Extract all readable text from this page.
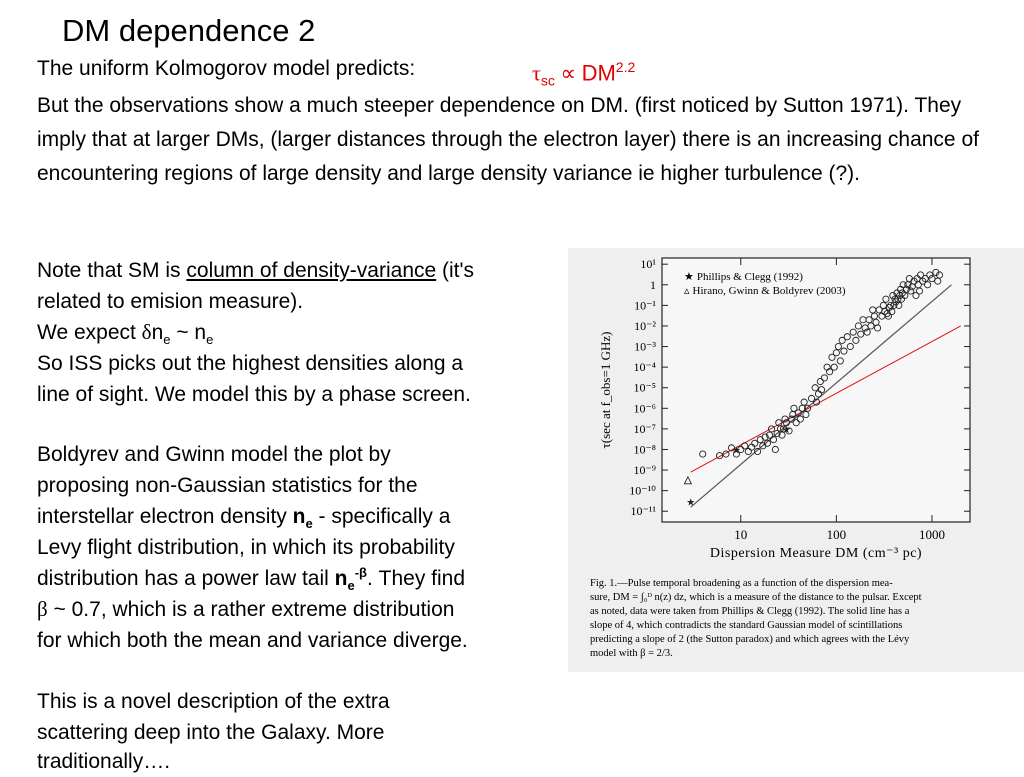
DM dependence 2
The uniform Kolmogorov model predicts:	$\tau_{sc} \propto DM^{2.2}$
But the observations show a much steeper dependence on DM. (first noticed by Sutton 1971). They imply that at larger DMs, (larger distances through the electron layer) there is an increasing chance of encountering regions of large density and large density variance ie higher turbulence (?).
Note that SM is column of density-variance (it's
related to emision measure).
We expect $\delta n_e$ ~ $n_e$
So ISS picks out the highest densities along a
line of sight. We model this by a phase screen.
Boldyrev and Gwinn model the plot by
proposing non-Gaussian statistics for the
interstellar electron density $n_e$ - specifically a
Levy flight distribution, in which its probability
distribution has a power law tail $n_e^{-\beta}$. They find
β ~ 0.7, which is a rather extreme distribution
for which both the mean and variance diverge.
This is a novel description of the extra
scattering deep into the Galaxy. More
traditionally….
10¹
1
10⁻¹
10⁻²
10⁻³
10⁻⁴
10⁻⁵
10⁻⁶
10⁻⁷
10⁻⁸
10⁻⁹
10⁻¹⁰
10⁻¹¹
10	100	1000
★
★
★
★ Phillips & Clegg (1992)
▵ Hirano, Gwinn & Boldyrev (2003)
Dispersion Measure DM (cm⁻³ pc)
τ(sec at f_obs=1 GHz)
Fig. 1.—Pulse temporal broadening as a function of the dispersion mea-
sure, DM = ∫₀ᴰ n(z) dz, which is a measure of the distance to the pulsar. Except
as noted, data were taken from Phillips & Clegg (1992). The solid line has a
slope of 4, which contradicts the standard Gaussian model of scintillations
predicting a slope of 2 (the Sutton paradox) and which agrees with the Lévy
model with β = 2/3.
